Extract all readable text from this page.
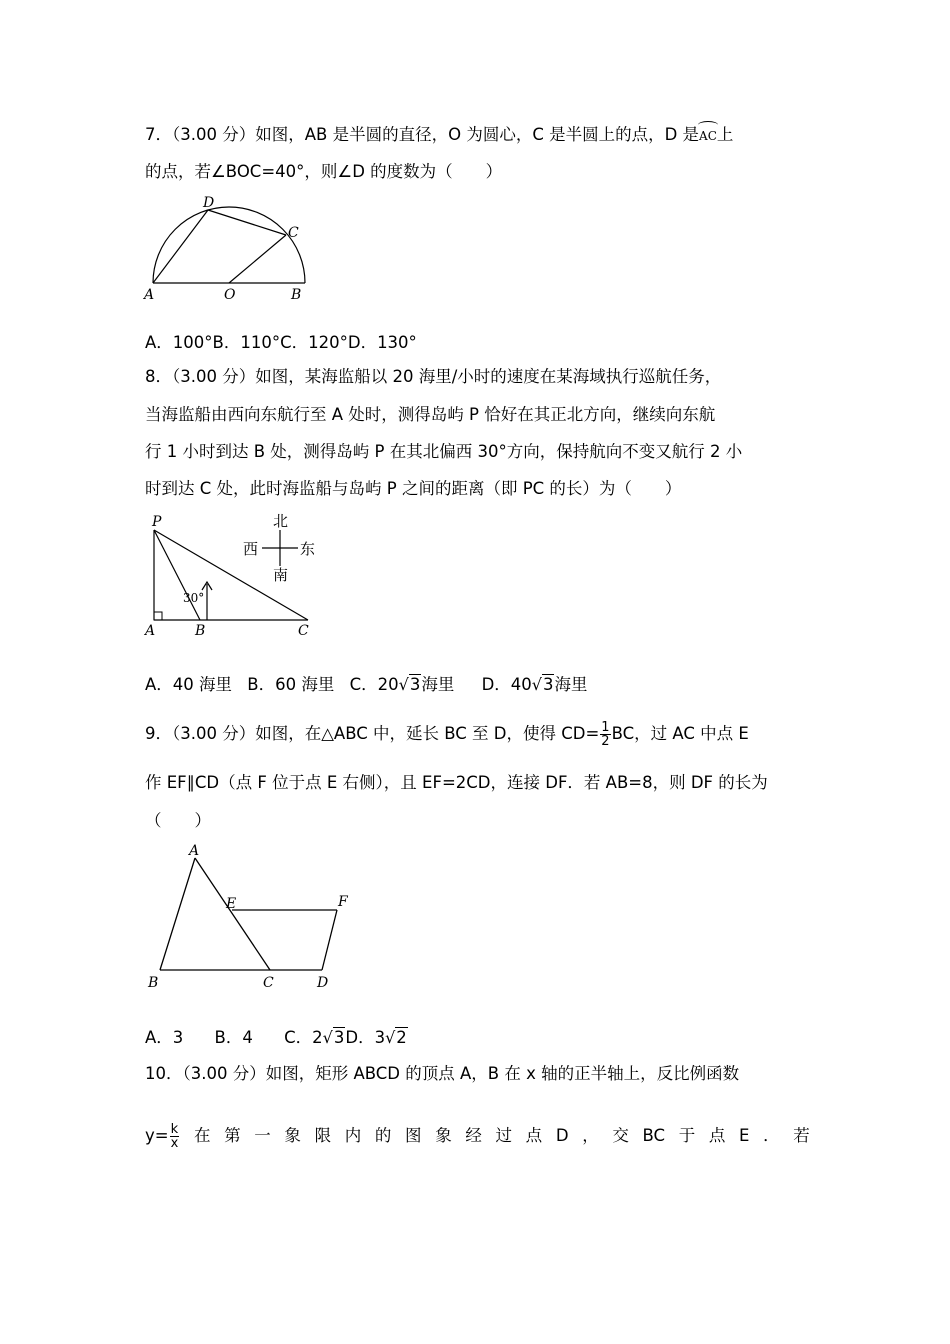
7．（3.00 分）如图，AB 是半圆的直径，O 为圆心，C 是半圆上的点，D 是AC上
的点，若∠BOC=40°，则∠D 的度数为（　　）
D
C
A	O	B
A．100°B．110°C．120°D．130°
8．（3.00 分）如图，某海监船以 20 海里/小时的速度在某海域执行巡航任务，
当海监船由西向东航行至 A 处时，测得岛屿 P 恰好在其正北方向，继续向东航
行 1 小时到达 B 处，测得岛屿 P 在其北偏西 30°方向，保持航向不变又航行 2 小
时到达 C 处，此时海监船与岛屿 P 之间的距离（即 PC 的长）为（　　）
30°
P
A	B	C
北
南
西	东
A．40 海里 B．60 海里 C．20√3海里 D．40√3海里
9．（3.00 分）如图，在△ABC 中，延长 BC 至 D，使得 $CD= \frac{1}{2}$ BC，过 AC 中点 E
作 EF∥CD（点 F 位于点 E 右侧），且 EF=2CD，连接 DF．若 AB=8，则 DF 的长为
（　　）
A
E	F
B	C	D
A．3 B．4 C．2√3D．3√2
10．（3.00 分）如图，矩形 ABCD 的顶点 A，B 在 x 轴的正半轴上，反比例函数
$y= \frac{k}{x}$ 在 第 一 象 限 内 的 图 象 经 过 点 D ， 交 BC 于 点 E ． 若
